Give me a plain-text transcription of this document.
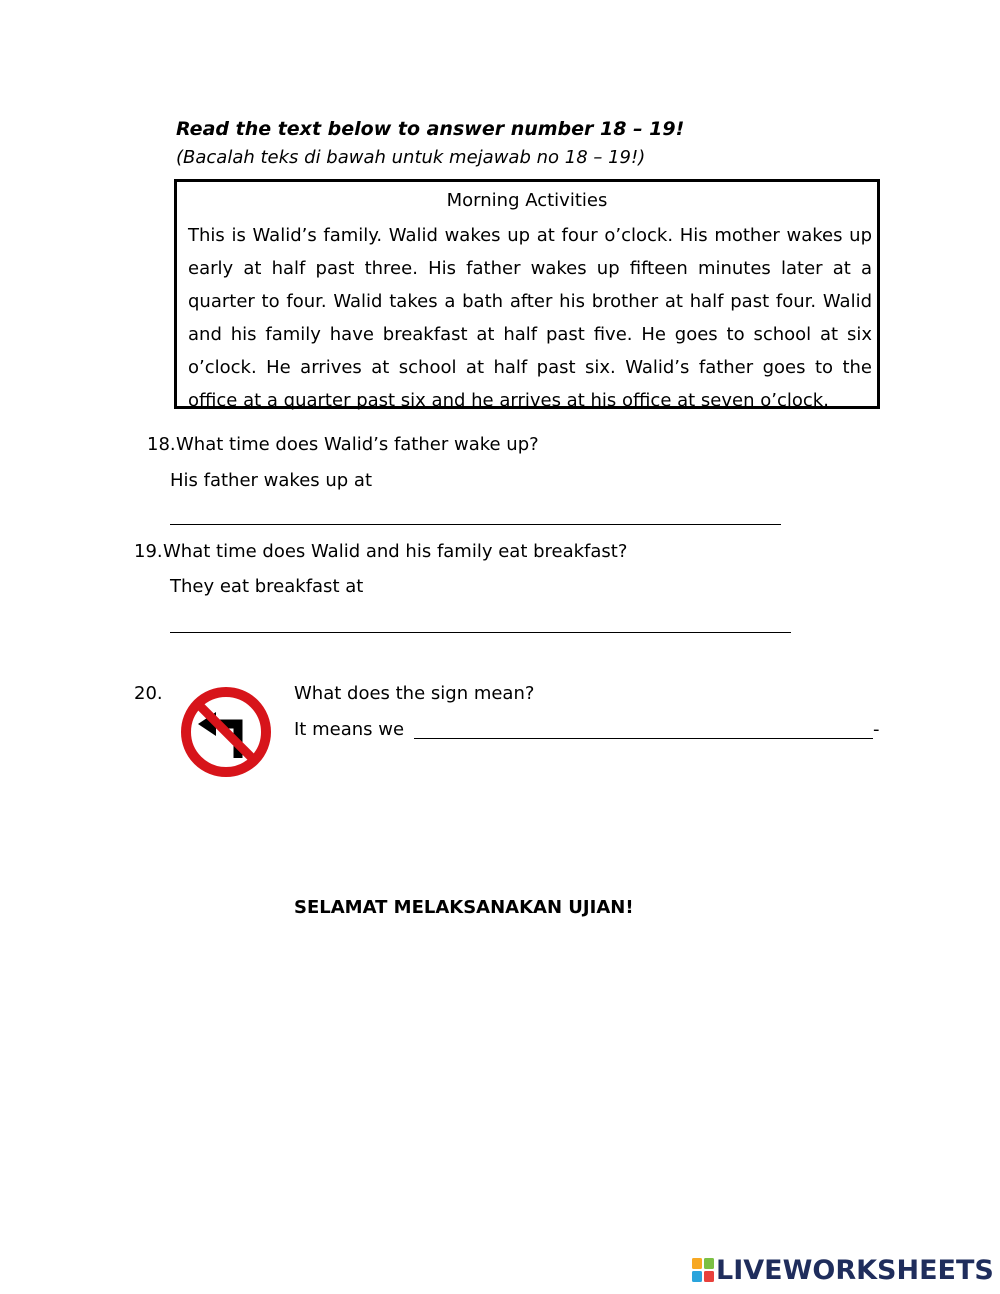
Read the text below to answer number 18 – 19!
(Bacalah teks di bawah untuk mejawab no 18 – 19!)
Morning Activities

This is Walid’s family. Walid wakes up at four o’clock. His mother wakes up early at half past three. His father wakes up fifteen minutes later at a quarter to four. Walid takes a bath after his brother at half past four. Walid and his family have breakfast at half past five. He goes to school at six o’clock. He arrives at school at half past six. Walid’s father goes to the office at a quarter past six and he arrives at his office at seven o’clock.

18. What time does Walid’s father wake up?
His father wakes up at
19. What time does Walid and his family eat breakfast?
They eat breakfast at
20.	What does the sign mean?
It means we	-
SELAMAT MELAKSANAKAN UJIAN!
LIVEWORKSHEETS
